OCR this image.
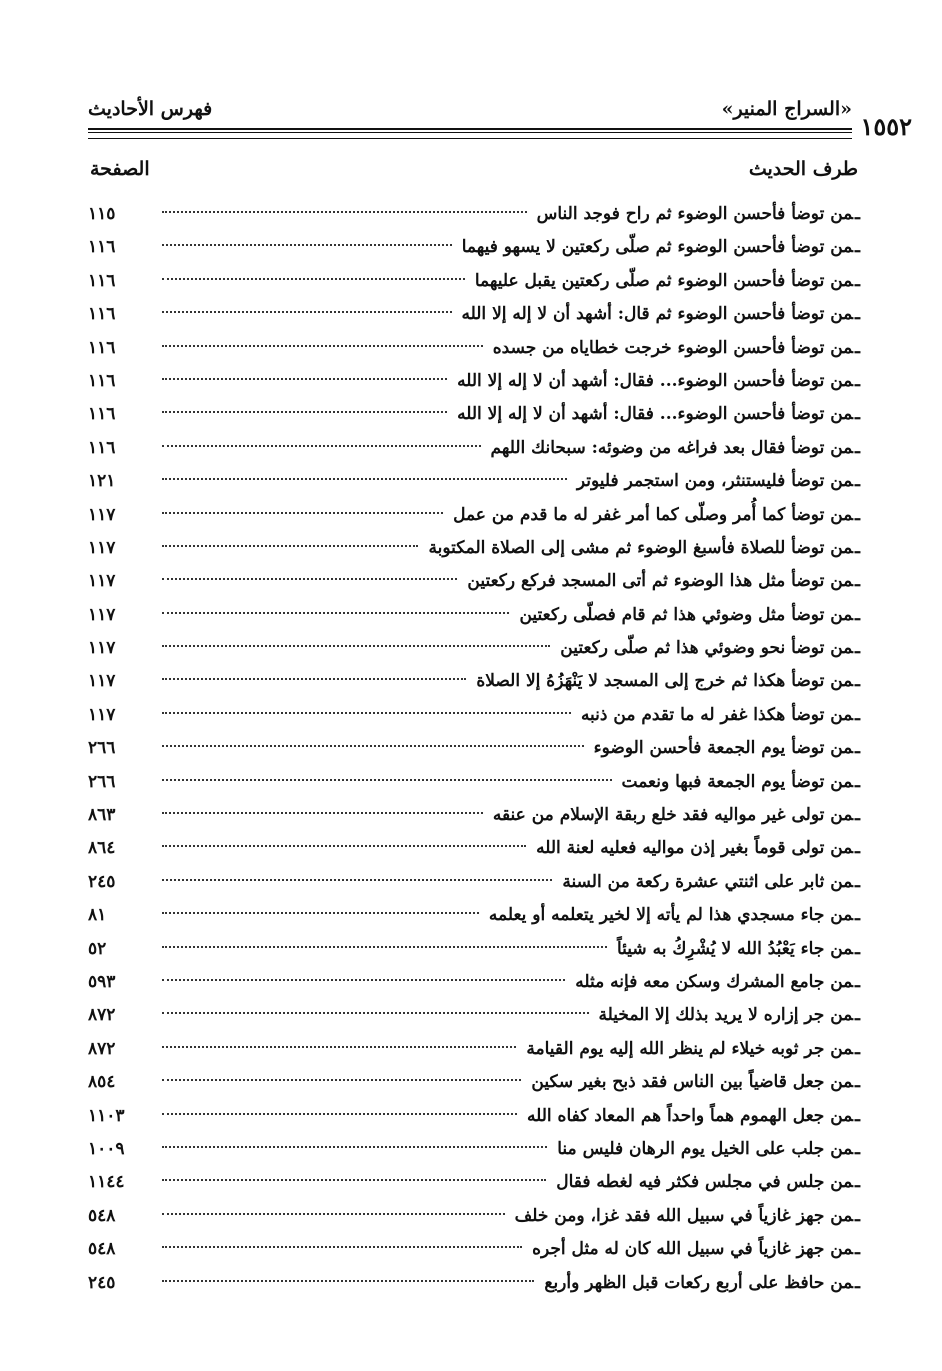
١٥٥٢
«السراج المنير»
فهرس الأحاديث
طرف الحديث
الصفحة
ـمن توضأ فأحسن الوضوء ثم راح فوجد الناس
١١٥
ـمن توضأ فأحسن الوضوء ثم صلّى ركعتين لا يسهو فيهما
١١٦
ـمن توضأ فأحسن الوضوء ثم صلّى ركعتين يقبل عليهما
١١٦
ـمن توضأ فأحسن الوضوء ثم قال: أشهد أن لا إله إلا الله
١١٦
ـمن توضأ فأحسن الوضوء خرجت خطاياه من جسده
١١٦
ـمن توضأ فأحسن الوضوء... فقال: أشهد أن لا إله إلا الله
١١٦
ـمن توضأ فأحسن الوضوء... فقال: أشهد أن لا إله إلا الله
١١٦
ـمن توضأ فقال بعد فراغه من وضوئه: سبحانك اللهم
١١٦
ـمن توضأ فليستنثر، ومن استجمر فليوتر
١٢١
ـمن توضأ كما أُمر وصلّى كما أمر غفر له ما قدم من عمل
١١٧
ـمن توضأ للصلاة فأسبغ الوضوء ثم مشى إلى الصلاة المكتوبة
١١٧
ـمن توضأ مثل هذا الوضوء ثم أتى المسجد فركع ركعتين
١١٧
ـمن توضأ مثل وضوئي هذا ثم قام فصلّى ركعتين
١١٧
ـمن توضأ نحو وضوئي هذا ثم صلّى ركعتين
١١٧
ـمن توضأ هكذا ثم خرج إلى المسجد لا يَنْهَزُهُ إلا الصلاة
١١٧
ـمن توضأ هكذا غفر له ما تقدم من ذنبه
١١٧
ـمن توضأ يوم الجمعة فأحسن الوضوء
٢٦٦
ـمن توضأ يوم الجمعة فبها ونعمت
٢٦٦
ـمن تولى غير مواليه فقد خلع ربقة الإسلام من عنقه
٨٦٣
ـمن تولى قوماً بغير إذن مواليه فعليه لعنة الله
٨٦٤
ـمن ثابر على اثنتي عشرة ركعة من السنة
٢٤٥
ـمن جاء مسجدي هذا لم يأته إلا لخير يتعلمه أو يعلمه
٨١
ـمن جاء يَعْبُدُ الله لا يُشْرِكُ به شيئاً
٥٢
ـمن جامع المشرك وسكن معه فإنه مثله
٥٩٣
ـمن جر إزاره لا يريد بذلك إلا المخيلة
٨٧٢
ـمن جر ثوبه خيلاء لم ينظر الله إليه يوم القيامة
٨٧٢
ـمن جعل قاضياً بين الناس فقد ذبح بغير سكين
٨٥٤
ـمن جعل الهموم هماً واحداً هم المعاد كفاه الله
١١٠٣
ـمن جلب على الخيل يوم الرهان فليس منا
١٠٠٩
ـمن جلس في مجلس فكثر فيه لغطه فقال
١١٤٤
ـمن جهز غازياً في سبيل الله فقد غزا، ومن خلف
٥٤٨
ـمن جهز غازياً في سبيل الله كان له مثل أجره
٥٤٨
ـمن حافظ على أربع ركعات قبل الظهر وأربع
٢٤٥
